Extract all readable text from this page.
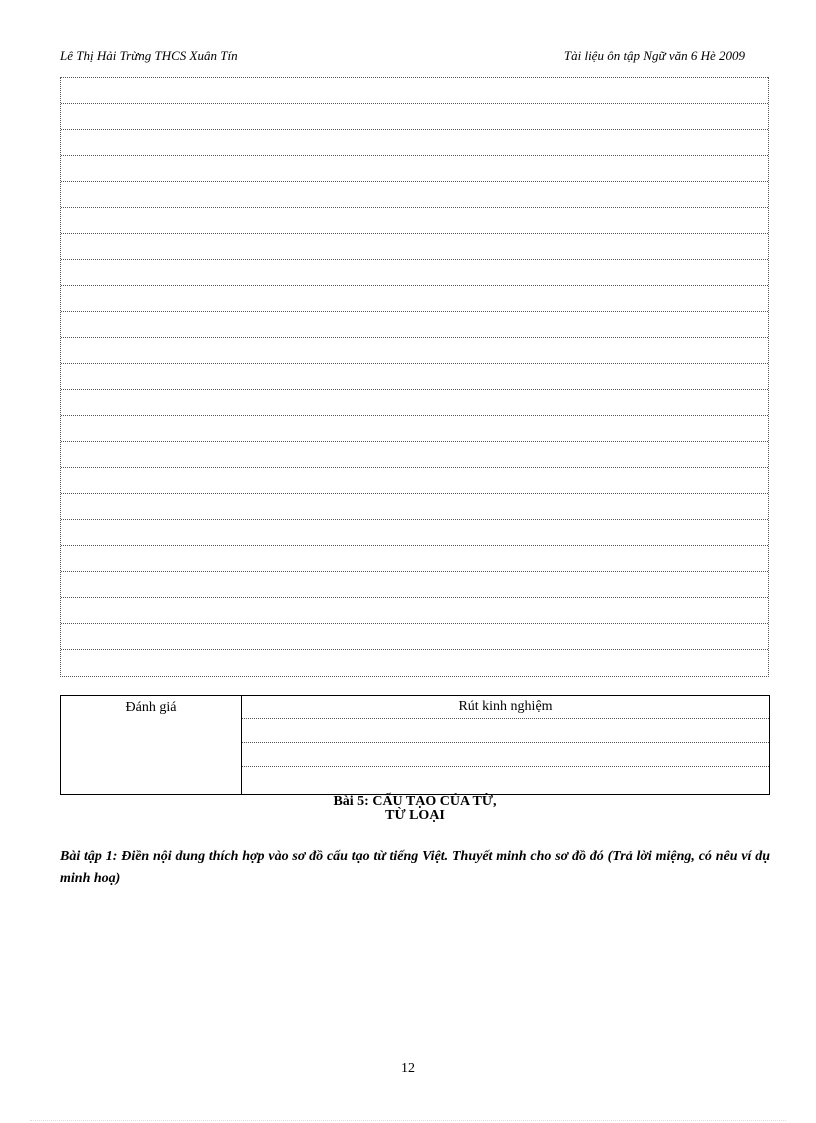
Lê Thị Hải Trừng THCS Xuân Tín	Tài liệu ôn tập Ngữ văn 6 Hè 2009
Đánh giá	Rút kinh nghiệm
Bài 5: CẤU TẠO CỦA TỪ,
TỪ LOẠI
Bài tập 1: Điền nội dung thích hợp vào sơ đồ cấu tạo từ tiếng Việt. Thuyết minh cho sơ đồ đó (Trả lời miệng, có nêu ví dụ minh hoạ)
12
